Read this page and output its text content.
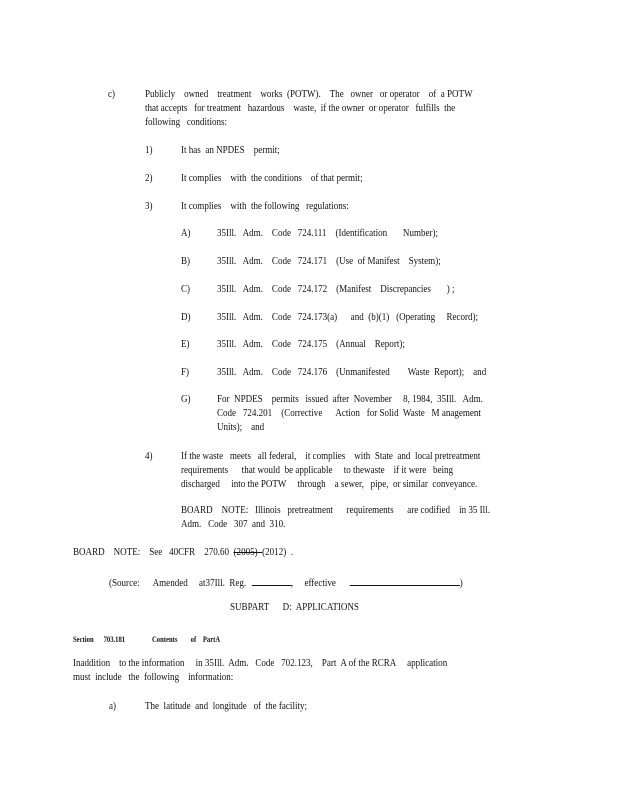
c)	Publicly    owned    treatment    works  (POTW).    The   owner   or operator    of  a POTW
that accepts   for treatment   hazardous    waste,  if the owner  or operator   fulfills  the
following   conditions:
1)	It has  an NPDES    permit;
2)	It complies    with  the conditions    of that permit;
3)	It complies    with  the following   regulations:
A)	35Ill.   Adm.    Code   724.111    (Identification       Number);
B)	35Ill.   Adm.    Code   724.171    (Use  of Manifest    System);
C)	35Ill.   Adm.    Code   724.172    (Manifest    Discrepancies       ) ;
D)	35Ill.   Adm.    Code   724.173(a)      and  (b)(1)   (Operating     Record);
E)	35Ill.   Adm.    Code   724.175    (Annual    Report);
F)	35Ill.   Adm.    Code   724.176    (Unmanifested        Waste  Report);    and
G)	For  NPDES    permits   issued  after  November     8, 1984,  35Ill.   Adm.
Code   724.201    (Corrective      Action   for Solid  Waste   M anagement
Units);    and
4)	If the waste   meets   all federal,    it complies    with  State  and  local pretreatment
requirements      that would  be applicable     to thewaste    if it were   being
discharged     into the POTW     through    a sewer,   pipe,  or similar  conveyance.
BOARD    NOTE:   Illinois   pretreatment      requirements      are codified    in 35 Ill.
Adm.   Code   307  and  310.
BOARD    NOTE:    See   40CFR    270.60  (2005) (2012)  .
(Source:      Amended     at37Ill.  Reg.	,     effective	)
SUBPART      D:  APPLICATIONS
Section      703.181	Contents        of    PartA
Inaddition    to the information     in 35Ill.  Adm.   Code   702.123,    Part  A of the RCRA     application
must  include   the  following    information:
a)	The  latitude  and  longitude   of  the facility;
